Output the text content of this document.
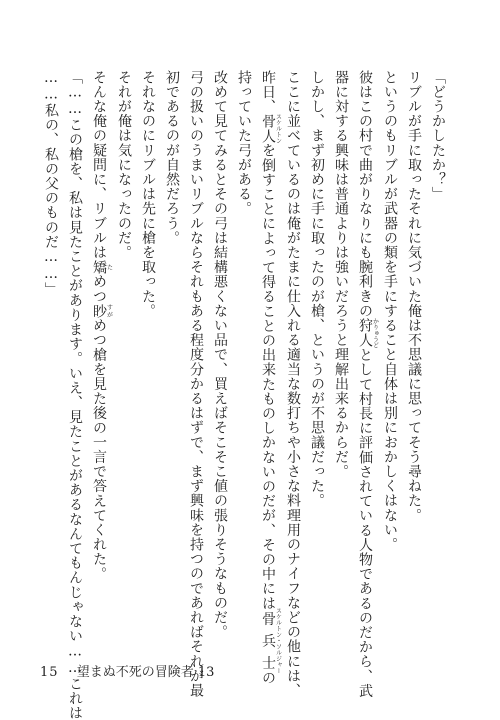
「どうかしたか？」

リブルが手に取ったそれに気づいた俺は不思議に思ってそう尋ねた。

というのもリブルが武器の類を手にすること自体は別におかしくはない。

彼はこの村で曲がりなりにも腕利きの狩人かりゅうどとして村長に評価されている人物であるのだから、武

器に対する興味は普通よりは強いだろうと理解出来るからだ。

しかし、まず初めに手に取ったのが槍、というのが不思議だった。

ここに並べているのは俺がたまに仕入れる適当な数打ちや小さな料理用のナイフなどの他には、

昨日、骨人スケルトンを倒すことによって得ることの出来たものしかないのだが、その中には骨兵士スケルトン・ソルジャーの

持っていた弓がある。

改めて見てみるとその弓は結構悪くない品で、買えばそこそこ値の張りそうなものだ。

弓の扱いのうまいリブルならそれもある程度分かるはずで、まず興味を持つのであればそれが最

初であるのが自然だろう。

それなのにリブルは先に槍を取った。

それが俺は気になったのだ。

そんな俺の疑問に、リブルは矯ためつ眇すがめつ槍を見た後の一言で答えてくれた。

「……この槍を、私は見たことがあります。いえ、見たことがあるなんてもんじゃない……これは

……私の、私の父のものだ……」

15 望まぬ不死の冒険者 13
